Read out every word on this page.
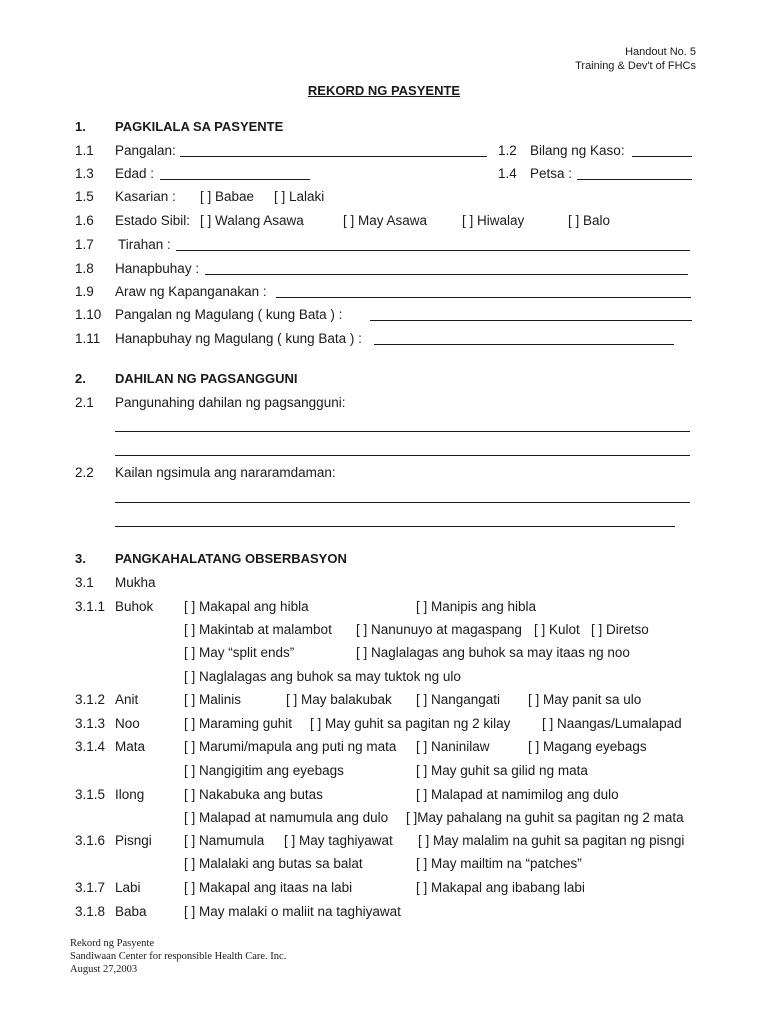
Handout No. 5
Training & Dev't of FHCs
REKORD NG PASYENTE
1. PAGKILALA SA PASYENTE
1.1 Pangalan:	1.2 Bilang ng Kaso:
1.3 Edad :	1.4 Petsa :
1.5 Kasarian : [ ] Babae [ ] Lalaki
1.6 Estado Sibil: [ ] Walang Asawa	[ ] May Asawa	[ ] Hiwalay	[ ] Balo
1.7 Tirahan :
1.8 Hanapbuhay :
1.9 Araw ng Kapanganakan :
1.10 Pangalan ng Magulang ( kung Bata ) :
1.11 Hanapbuhay ng Magulang ( kung Bata ) :
2. DAHILAN NG PAGSANGGUNI
2.1 Pangunahing dahilan ng pagsangguni:
2.2 Kailan ngsimula ang nararamdaman:
3. PANGKAHALATANG OBSERBASYON
3.1 Mukha
3.1.1 Buhok [ ] Makapal ang hibla	[ ] Manipis ang hibla
[ ] Makintab at malambot [ ] Nanunuyo at magaspang [ ] Kulot [ ] Diretso
[ ] May “split ends”	[ ] Naglalagas ang buhok sa may itaas ng noo
[ ] Naglalagas ang buhok sa may tuktok ng ulo
3.1.2 Anit	[ ] Malinis	[ ] May balakubak [ ] Nangangati [ ] May panit sa ulo
3.1.3 Noo	[ ] Maraming guhit [ ] May guhit sa pagitan ng 2 kilay [ ] Naangas/Lumalapad
3.1.4 Mata	[ ] Marumi/mapula ang puti ng mata [ ] Naninilaw	[ ] Magang eyebags
[ ] Nangigitim ang eyebags	[ ] May guhit sa gilid ng mata
3.1.5 Ilong	[ ] Nakabuka ang butas	[ ] Malapad at namimilog ang dulo
[ ] Malapad at namumula ang dulo [ ]May pahalang na guhit sa pagitan ng 2 mata
3.1.6 Pisngi [ ] Namumula [ ] May taghiyawat [ ] May malalim na guhit sa pagitan ng pisngi
[ ] Malalaki ang butas sa balat	[ ] May mailtim na “patches”
3.1.7 Labi	[ ] Makapal ang itaas na labi	[ ] Makapal ang ibabang labi
3.1.8 Baba	[ ] May malaki o maliit na taghiyawat
Rekord ng Pasyente
Sandiwaan Center for responsible Health Care. Inc.
August 27,2003
